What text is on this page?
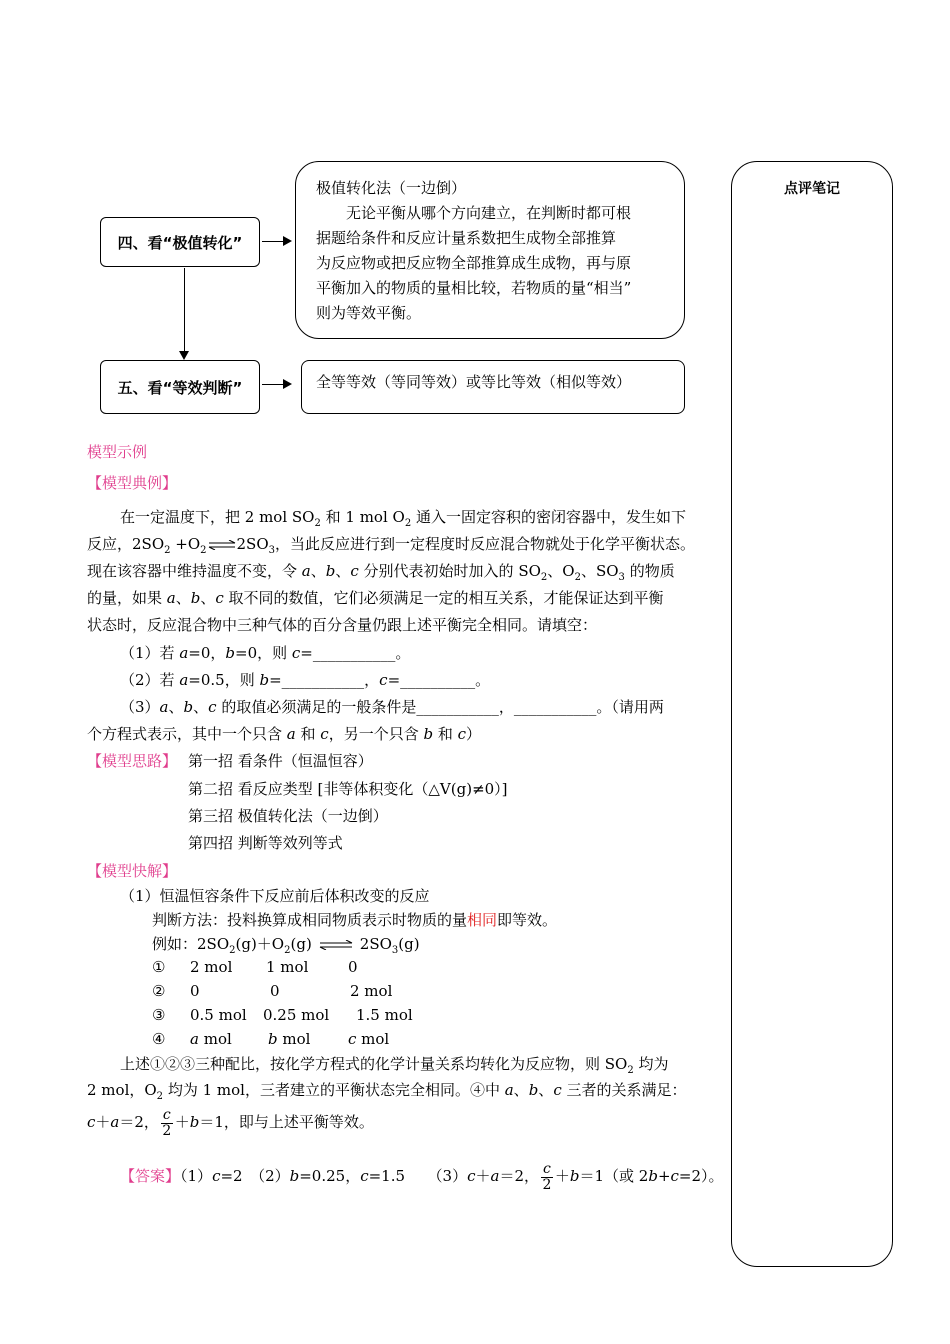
四、看“极值转化”
极值转化法（一边倒）
无论平衡从哪个方向建立，在判断时都可根
据题给条件和反应计量系数把生成物全部推算
为反应物或把反应物全部推算成生成物，再与原
平衡加入的物质的量相比较，若物质的量“相当”
则为等效平衡。
五、看“等效判断”	全等等效（等同等效）或等比等效（相似等效）
点评笔记
模型示例
【模型典例】
在一定温度下，把 2 mol $SO_2$ 和 1 mol $O_2$ 通入一固定容积的密闭容器中，发生如下
反应，$2SO_2$ $+O_2\rightleftharpoons 2SO_3$，当此反应进行到一定程度时反应混合物就处于化学平衡状态。
现在该容器中维持温度不变，令 a、b、c 分别代表初始时加入的 $SO_2$、$O_2$、$SO_3$ 的物质
的量，如果 a、b、c 取不同的数值，它们必须满足一定的相互关系，才能保证达到平衡
状态时，反应混合物中三种气体的百分含量仍跟上述平衡完全相同。请填空：
（1）若 a=0，b=0，则 c=___________。
（2）若 a=0.5，则 b=___________，c=__________。
（3）a、b、c 的取值必须满足的一般条件是___________，___________。（请用两
个方程式表示，其中一个只含 a 和 c，另一个只含 b 和 c）
【模型思路】 第一招 看条件（恒温恒容）
第二招 看反应类型 [非等体积变化（△V(g)≠0）]
第三招 极值转化法（一边倒）
第四招 判断等效列等式
【模型快解】
（1）恒温恒容条件下反应前后体积改变的反应
判断方法：投料换算成相同物质表示时物质的量相同即等效。
例如：$2SO_2(g)+O_2(g)$ ⇌ $2SO_3(g)$
① 2 mol 1 mol	0
② 0	0	2 mol
③ 0.5 mol 0.25 mol 1.5 mol
④ a mol b mol	c mol
上述①②③三种配比，按化学方程式的化学计量关系均转化为反应物，则 $SO_2$ 均为
2 mol，$O_2$ 均为 1 mol，三者建立的平衡状态完全相同。④中 a、b、c 三者的关系满足：
c＋a＝2， $\frac{c}{2} +b=1$，即与上述平衡等效。
【答案】（1）c=2　（2）b=0.25，c=1.5　　（3）c＋a＝2， $\frac{c}{2} +b=1$（或 2b+c=2）。
